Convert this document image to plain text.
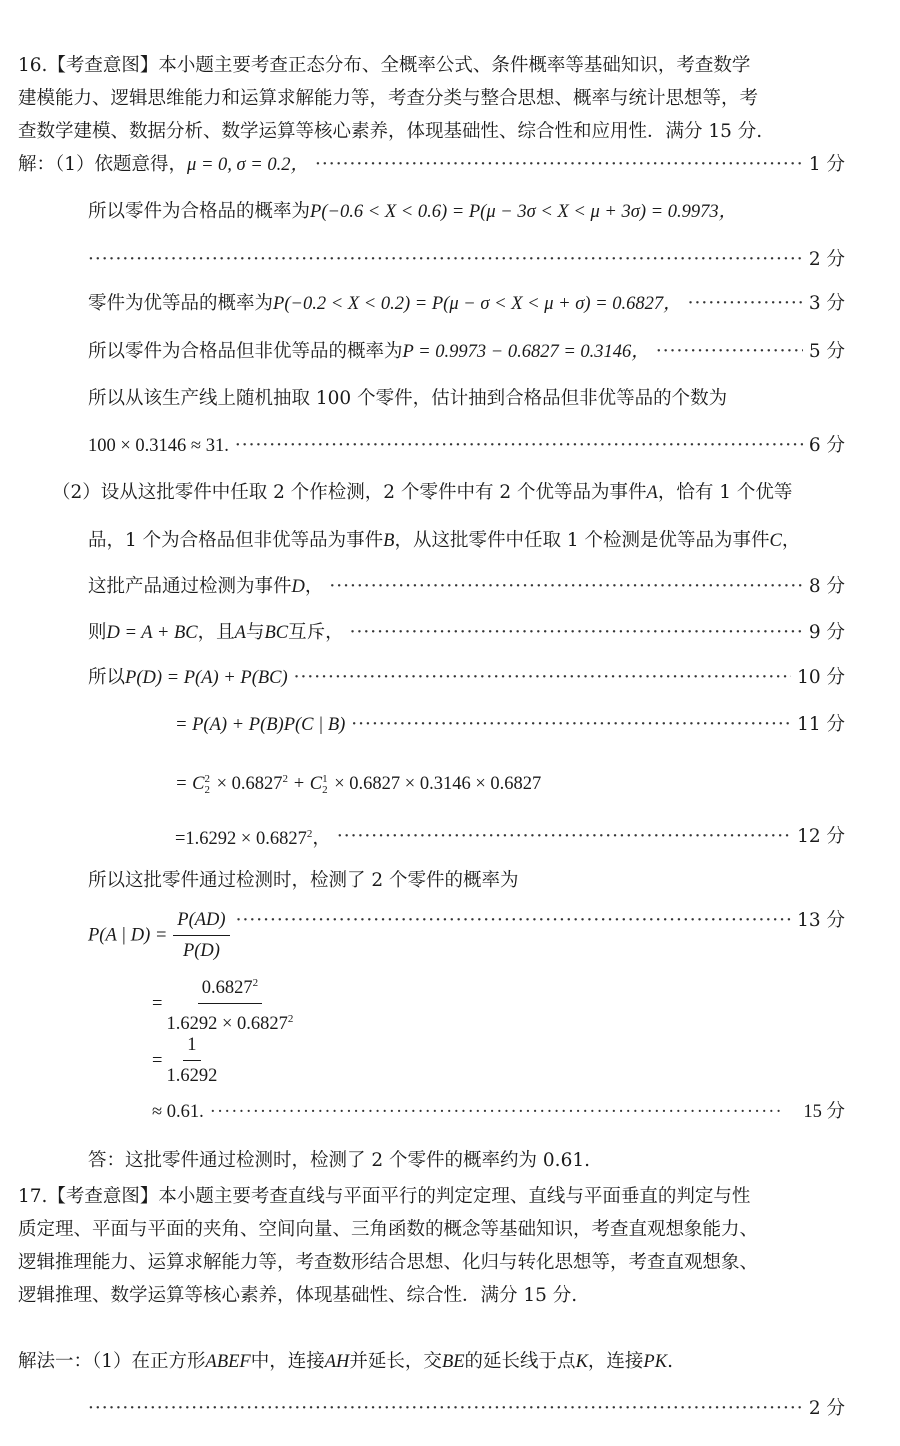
16.【考查意图】本小题主要考查正态分布、全概率公式、条件概率等基础知识，考查数学
建模能力、逻辑思维能力和运算求解能力等，考查分类与整合思想、概率与统计思想等，考
查数学建模、数据分析、数学运算等核心素养，体现基础性、综合性和应用性．满分 15 分.
解：（1）依题意得，μ = 0, σ = 0.2， ·····	1 分
所以零件为合格品的概率为P(−0.6 < X < 0.6) = P(μ − 3σ < X < μ + 3σ) = 0.9973，
·····
2 分
零件为优等品的概率为P(−0.2 < X < 0.2) = P(μ − σ < X < μ + σ) = 0.6827， ·····	3 分
所以零件为合格品但非优等品的概率为P = 0.9973 − 0.6827 = 0.3146， ·····	5 分
所以从该生产线上随机抽取 100 个零件，估计抽到合格品但非优等品的个数为
100 × 0.3146 ≈ 31. ·····	6 分
（2）设从这批零件中任取 2 个作检测，2 个零件中有 2 个优等品为事件A，恰有 1 个优等
品，1 个为合格品但非优等品为事件B，从这批零件中任取 1 个检测是优等品为事件C，
这批产品通过检测为事件D， ·····	8 分
则D = A + BC，且A与BC互斥， ·····	9 分
所以P(D) = P(A) + P(BC) ·····	10 分
= P(A) + P(B)P(C | B) ·····	11 分
= C 2
$2 \times 0.6827^2 + C$ 1
2 × 0.6827 × 0.3146 × 0.6827
$=1.6292 \times 0.6827^2$， ·····	12 分
所以这批零件通过检测时，检测了 2 个零件的概率为
P(A | $D) = \frac{P(AD)}{P(D)}$ ·····	13 分
= $\frac{0.6827^2}{1.6292 \times 0.6827^2}$
= $\frac{1}{1.6292}$
≈ 0.61. ·····	15 分
答：这批零件通过检测时，检测了 2 个零件的概率约为 0.61.
17.【考查意图】本小题主要考查直线与平面平行的判定定理、直线与平面垂直的判定与性
质定理、平面与平面的夹角、空间向量、三角函数的概念等基础知识，考查直观想象能力、
逻辑推理能力、运算求解能力等，考查数形结合思想、化归与转化思想等，考查直观想象、
逻辑推理、数学运算等核心素养，体现基础性、综合性．满分 15 分.
解法一：（1）在正方形ABEF中，连接AH并延长，交BE的延长线于点K，连接PK.
·····
2 分
